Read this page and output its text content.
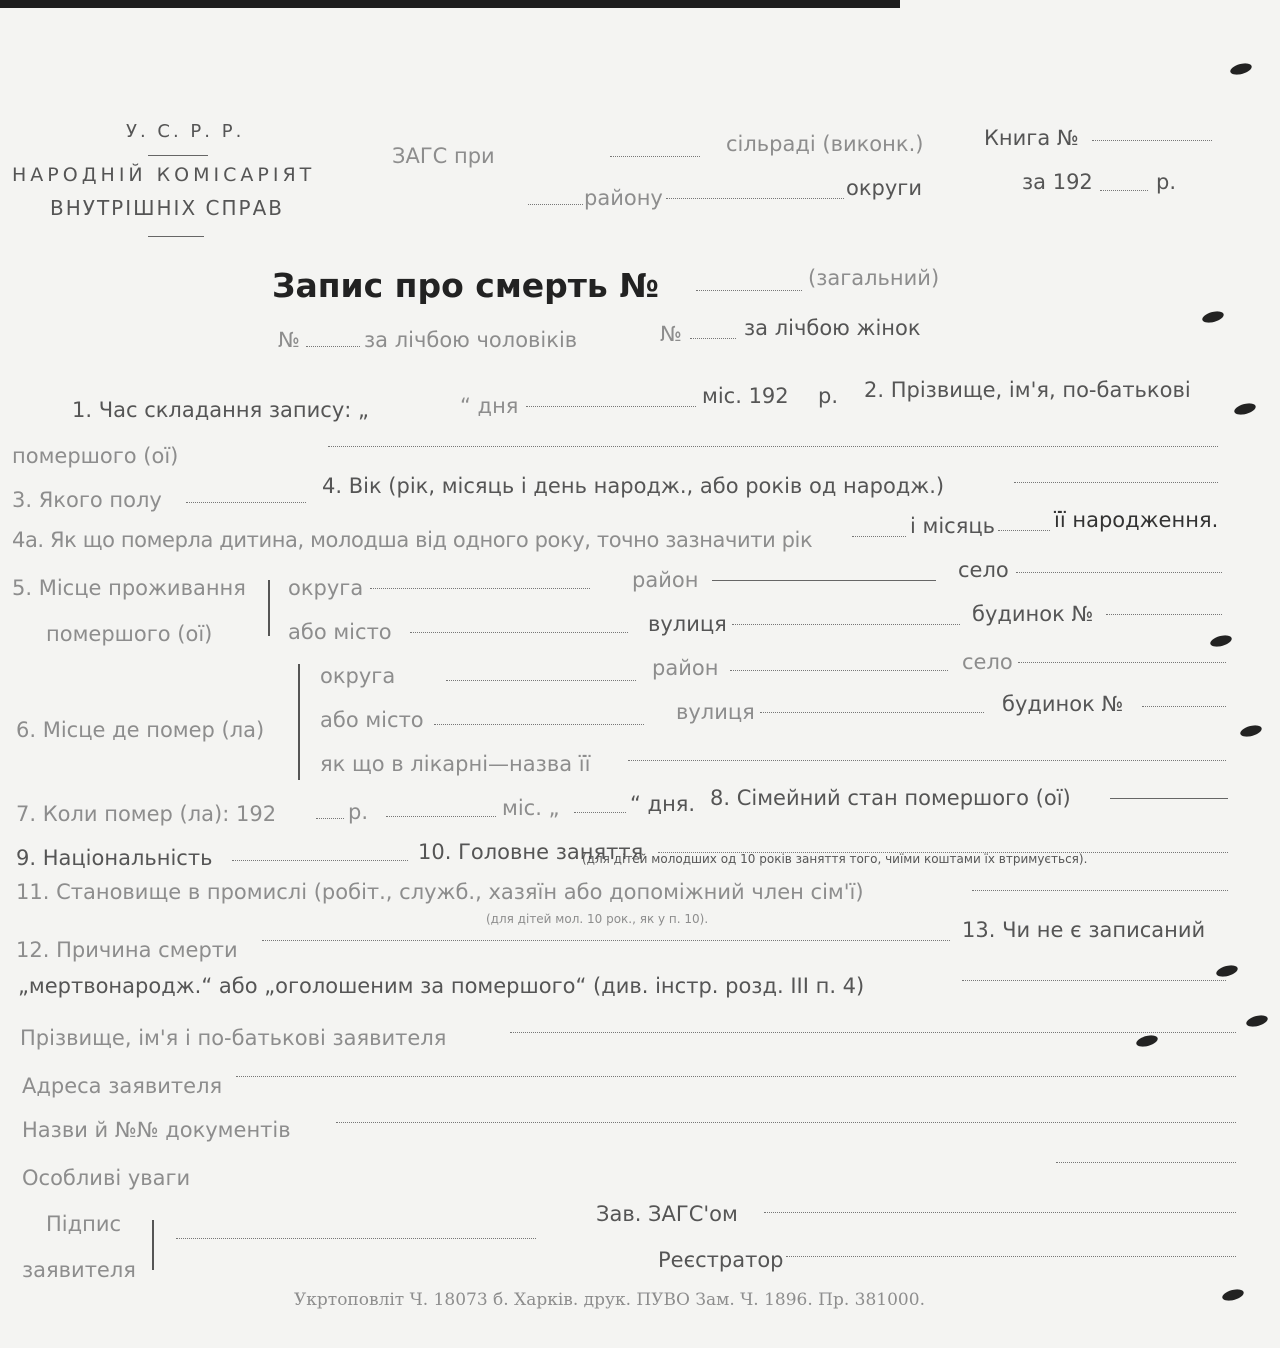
У. С. Р. Р.
НАРОДНІЙ КОМІСАРІЯТ
ВНУТРІШНІХ СПРАВ
ЗАГС при	сільраді (виконк.)
району	округи
Книга №
за 192	р.
Запис про смерть №	(загальний)
№	за лічбою чоловіків	№	за лічбою жінок
1. Час складання запису: „	“ дня	міс. 192 р. 2. Прізвище, ім'я, по-батькові
помершого (ої)
3. Якого полу
4. Вік (рік, місяць і день народж., або років од народж.)
4а. Як що померла дитина, молодша від одного року, точно зазначити рік
і місяць	її народження.
5. Місце проживання
помершого (ої)
округа	район	село
або місто	вулиця	будинок №
6. Місце де помер (ла)
округа	район	село
або місто	вулиця	будинок №
як що в лікарні—назва її
7. Коли помер (ла): 192	р.	міс. „	“ дня. 8. Сімейний стан помершого (ої)
9. Національність	10. Головне заняття
(для дітей молодших од 10 років заняття того, чиїми коштами їх втримується).
11. Становище в промислі (робіт., служб., хазяїн або допоміжний член сім'ї)
(для дітей мол. 10 рок., як у п. 10).
12. Причина смерти
13. Чи не є записаний
„мертвонародж.“ або „оголошеним за помершого“ (див. інстр. розд. III п. 4)
Прізвище, ім'я і по-батькові заявителя
Адреса заявителя
Назви й №№ документів
Особливі уваги
Підпис
заявителя
Зав. ЗАГС'ом
Реєстратор
Укртоповліт Ч. 18073 б. Харків. друк. ПУВО Зам. Ч. 1896. Пр. 381000.
